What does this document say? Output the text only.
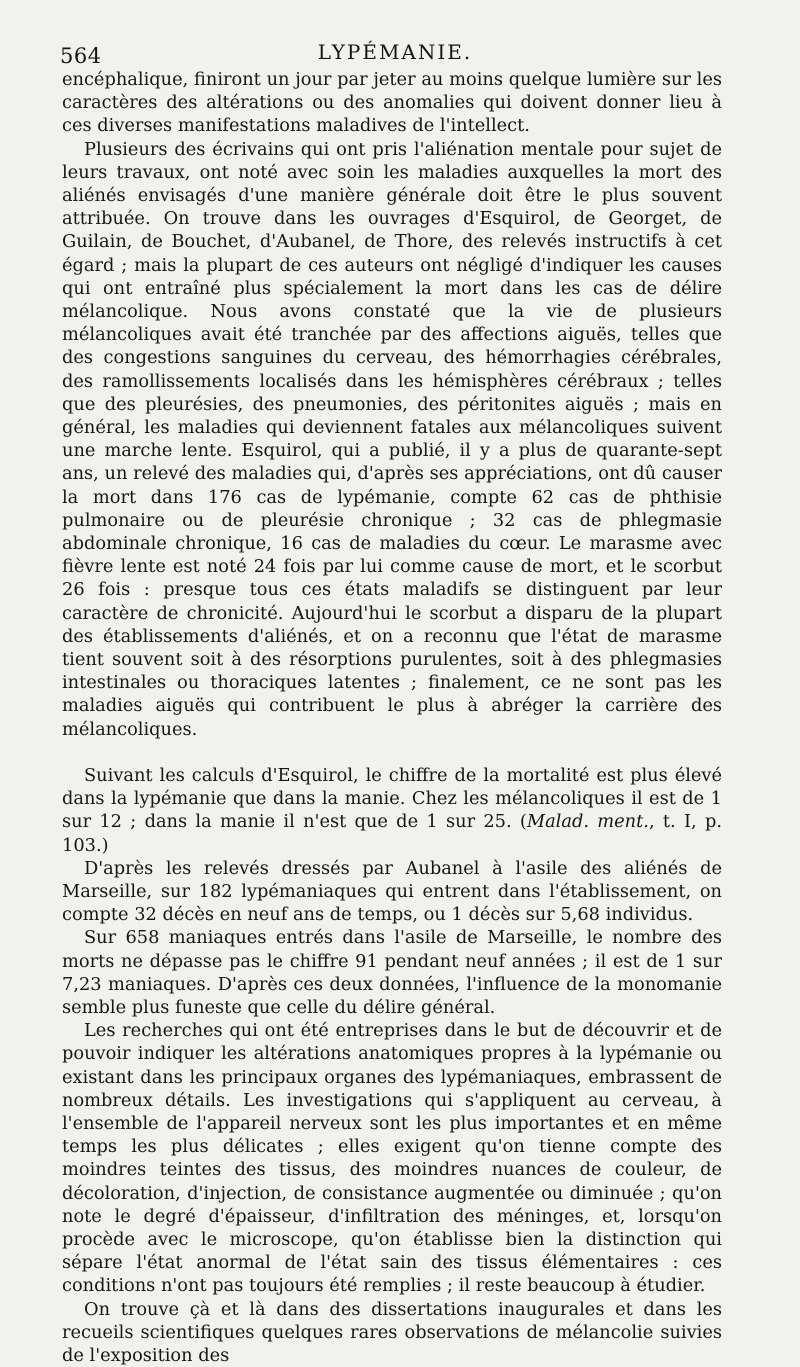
564	LYPÉMANIE.

encéphalique, finiront un jour par jeter au moins quelque lumière sur les caractères des altérations ou des anomalies qui doivent donner lieu à ces diverses manifestations maladives de l'intellect.

Plusieurs des écrivains qui ont pris l'aliénation mentale pour sujet de leurs travaux, ont noté avec soin les maladies auxquelles la mort des aliénés envisagés d'une manière générale doit être le plus souvent attribuée. On trouve dans les ouvrages d'Esquirol, de Georget, de Guilain, de Bouchet, d'Aubanel, de Thore, des relevés instructifs à cet égard ; mais la plupart de ces auteurs ont négligé d'indiquer les causes qui ont entraîné plus spécialement la mort dans les cas de délire mélancolique. Nous avons constaté que la vie de plusieurs mélancoliques avait été tranchée par des affections aiguës, telles que des congestions sanguines du cerveau, des hémorrhagies cérébrales, des ramollissements localisés dans les hémisphères cérébraux ; telles que des pleurésies, des pneumonies, des péritonites aiguës ; mais en général, les maladies qui deviennent fatales aux mélancoliques suivent une marche lente. Esquirol, qui a publié, il y a plus de quarante-sept ans, un relevé des maladies qui, d'après ses appréciations, ont dû causer la mort dans 176 cas de lypémanie, compte 62 cas de phthisie pulmonaire ou de pleurésie chronique ; 32 cas de phlegmasie abdominale chronique, 16 cas de maladies du cœur. Le marasme avec fièvre lente est noté 24 fois par lui comme cause de mort, et le scorbut 26 fois : presque tous ces états maladifs se distinguent par leur caractère de chronicité. Aujourd'hui le scorbut a disparu de la plupart des établissements d'aliénés, et on a reconnu que l'état de marasme tient souvent soit à des résorptions purulentes, soit à des phlegmasies intestinales ou thoraciques latentes ; finalement, ce ne sont pas les maladies aiguës qui contribuent le plus à abréger la carrière des mélancoliques.

Suivant les calculs d'Esquirol, le chiffre de la mortalité est plus élevé dans la lypémanie que dans la manie. Chez les mélancoliques il est de 1 sur 12 ; dans la manie il n'est que de 1 sur 25. (Malad. ment., t. I, p. 103.)

D'après les relevés dressés par Aubanel à l'asile des aliénés de Marseille, sur 182 lypémaniaques qui entrent dans l'établissement, on compte 32 décès en neuf ans de temps, ou 1 décès sur 5,68 individus.

Sur 658 maniaques entrés dans l'asile de Marseille, le nombre des morts ne dépasse pas le chiffre 91 pendant neuf années ; il est de 1 sur 7,23 maniaques. D'après ces deux données, l'influence de la monomanie semble plus funeste que celle du délire général.

Les recherches qui ont été entreprises dans le but de découvrir et de pouvoir indiquer les altérations anatomiques propres à la lypémanie ou existant dans les principaux organes des lypémaniaques, embrassent de nombreux détails. Les investigations qui s'appliquent au cerveau, à l'ensemble de l'appareil nerveux sont les plus importantes et en même temps les plus délicates ; elles exigent qu'on tienne compte des moindres teintes des tissus, des moindres nuances de couleur, de décoloration, d'injection, de consistance augmentée ou diminuée ; qu'on note le degré d'épaisseur, d'infiltration des méninges, et, lorsqu'on procède avec le microscope, qu'on établisse bien la distinction qui sépare l'état anormal de l'état sain des tissus élémentaires : ces conditions n'ont pas toujours été remplies ; il reste beaucoup à étudier.

On trouve çà et là dans des dissertations inaugurales et dans les recueils scientifiques quelques rares observations de mélancolie suivies de l'exposition des
